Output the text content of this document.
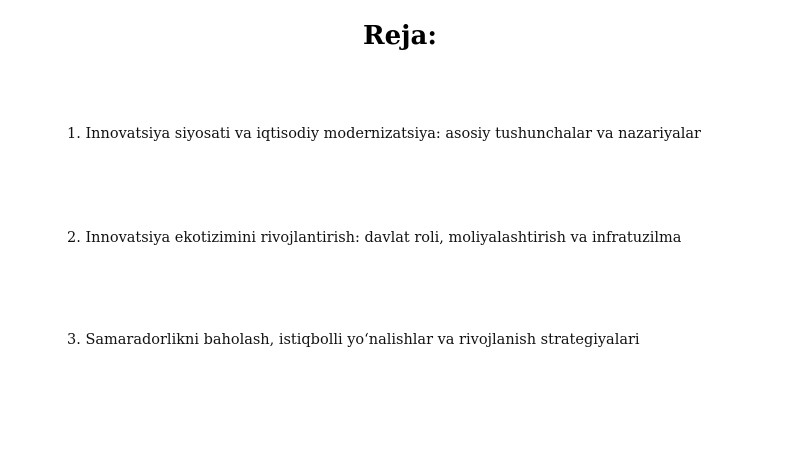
Reja:
1. Innovatsiya siyosati va iqtisodiy modernizatsiya: asosiy tushunchalar va nazariyalar
2. Innovatsiya ekotizimini rivojlantirish: davlat roli, moliyalashtirish va infratuzilma
3. Samaradorlikni baholash, istiqbolli yo‘nalishlar va rivojlanish strategiyalari
